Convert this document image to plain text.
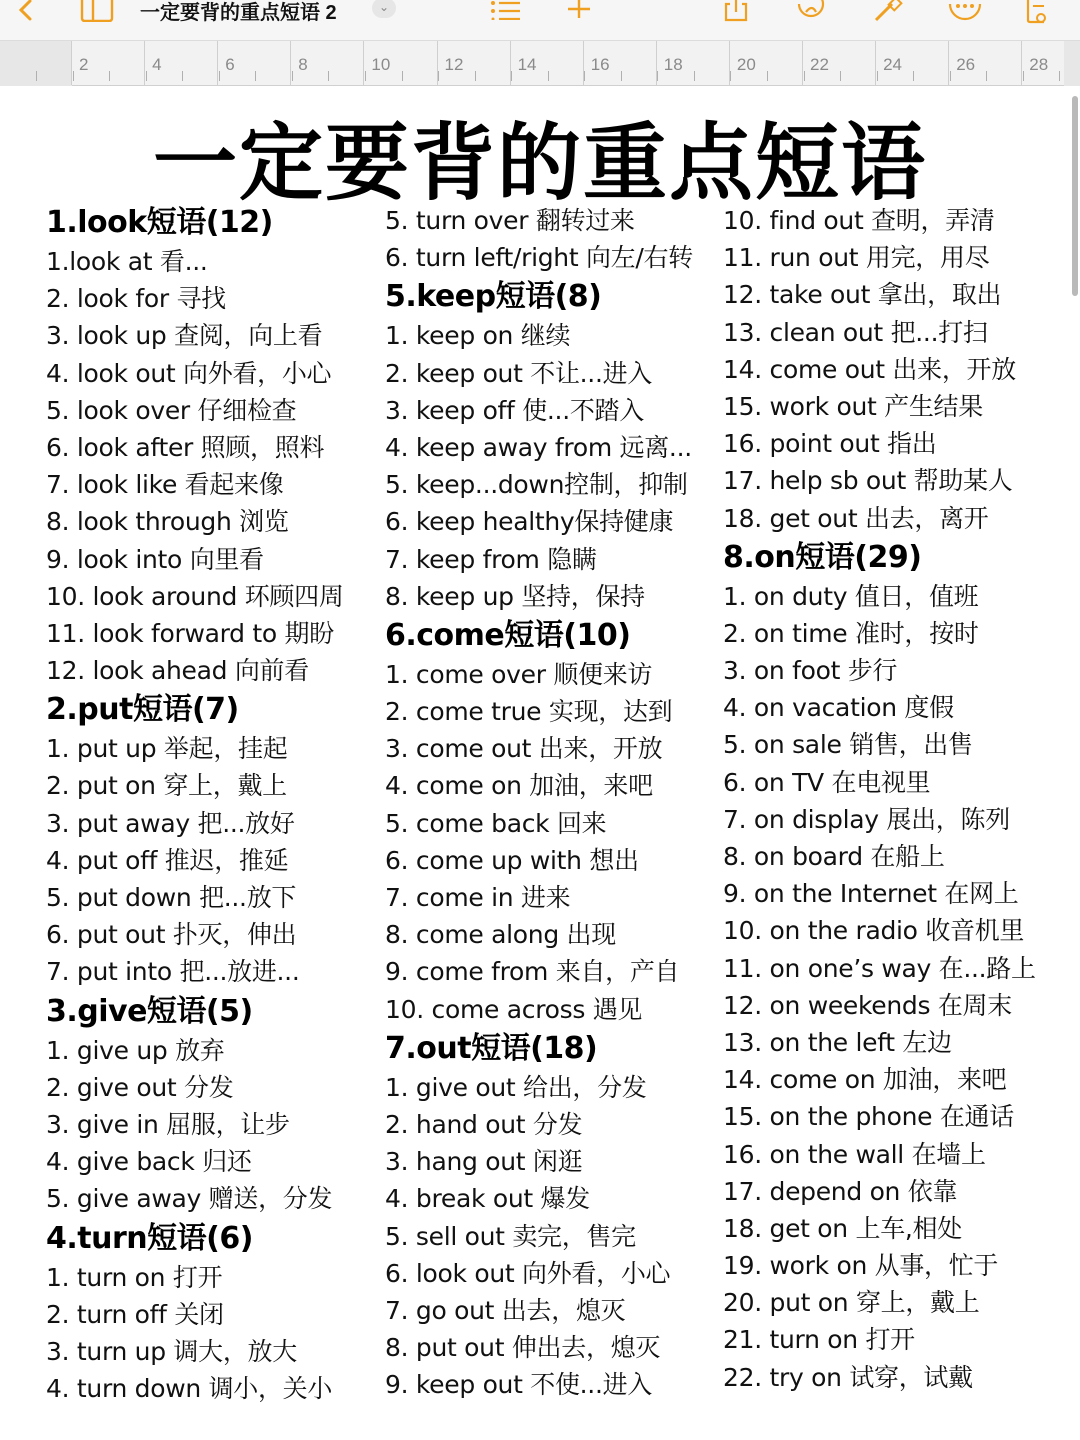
一定要背的重点短语 2	⌄
2	4	6	8	10	12	14	16	18	20	22	24	26	28
一定要背的重点短语
1.look短语(12)
1.look at 看...
2. look for 寻找
3. look up 查阅，向上看
4. look out 向外看，小心
5. look over 仔细检查
6. look after 照顾，照料
7. look like 看起来像
8. look through 浏览
9. look into 向里看
10. look around 环顾四周
11. look forward to 期盼
12. look ahead 向前看
2.put短语(7)
1. put up 举起，挂起
2. put on 穿上，戴上
3. put away 把...放好
4. put off 推迟，推延
5. put down 把...放下
6. put out 扑灭，伸出
7. put into 把...放进...
3.give短语(5)
1. give up 放弃
2. give out 分发
3. give in 屈服，让步
4. give back 归还
5. give away 赠送，分发
4.turn短语(6)
1. turn on 打开
2. turn off 关闭
3. turn up 调大，放大
4. turn down 调小，关小
5. turn over 翻转过来
6. turn left/right 向左/右转
5.keep短语(8)
1. keep on 继续
2. keep out 不让...进入
3. keep off 使...不踏入
4. keep away from 远离...
5. keep...down控制，抑制
6. keep healthy保持健康
7. keep from 隐瞒
8. keep up 坚持，保持
6.come短语(10)
1. come over 顺便来访
2. come true 实现，达到
3. come out 出来，开放
4. come on 加油，来吧
5. come back 回来
6. come up with 想出
7. come in 进来
8. come along 出现
9. come from 来自，产自
10. come across 遇见
7.out短语(18)
1. give out 给出，分发
2. hand out 分发
3. hang out 闲逛
4. break out 爆发
5. sell out 卖完，售完
6. look out 向外看，小心
7. go out 出去，熄灭
8. put out 伸出去，熄灭
9. keep out 不使...进入
10. find out 查明，弄清
11. run out 用完，用尽
12. take out 拿出，取出
13. clean out 把...打扫
14. come out 出来，开放
15. work out 产生结果
16. point out 指出
17. help sb out 帮助某人
18. get out 出去，离开
8.on短语(29)
1. on duty 值日，值班
2. on time 准时，按时
3. on foot 步行
4. on vacation 度假
5. on sale 销售，出售
6. on TV 在电视里
7. on display 展出，陈列
8. on board 在船上
9. on the Internet 在网上
10. on the radio 收音机里
11. on one’s way 在...路上
12. on weekends 在周末
13. on the left 左边
14. come on 加油，来吧
15. on the phone 在通话
16. on the wall 在墙上
17. depend on 依靠
18. get on 上车,相处
19. work on 从事，忙于
20. put on 穿上，戴上
21. turn on 打开
22. try on 试穿，试戴
